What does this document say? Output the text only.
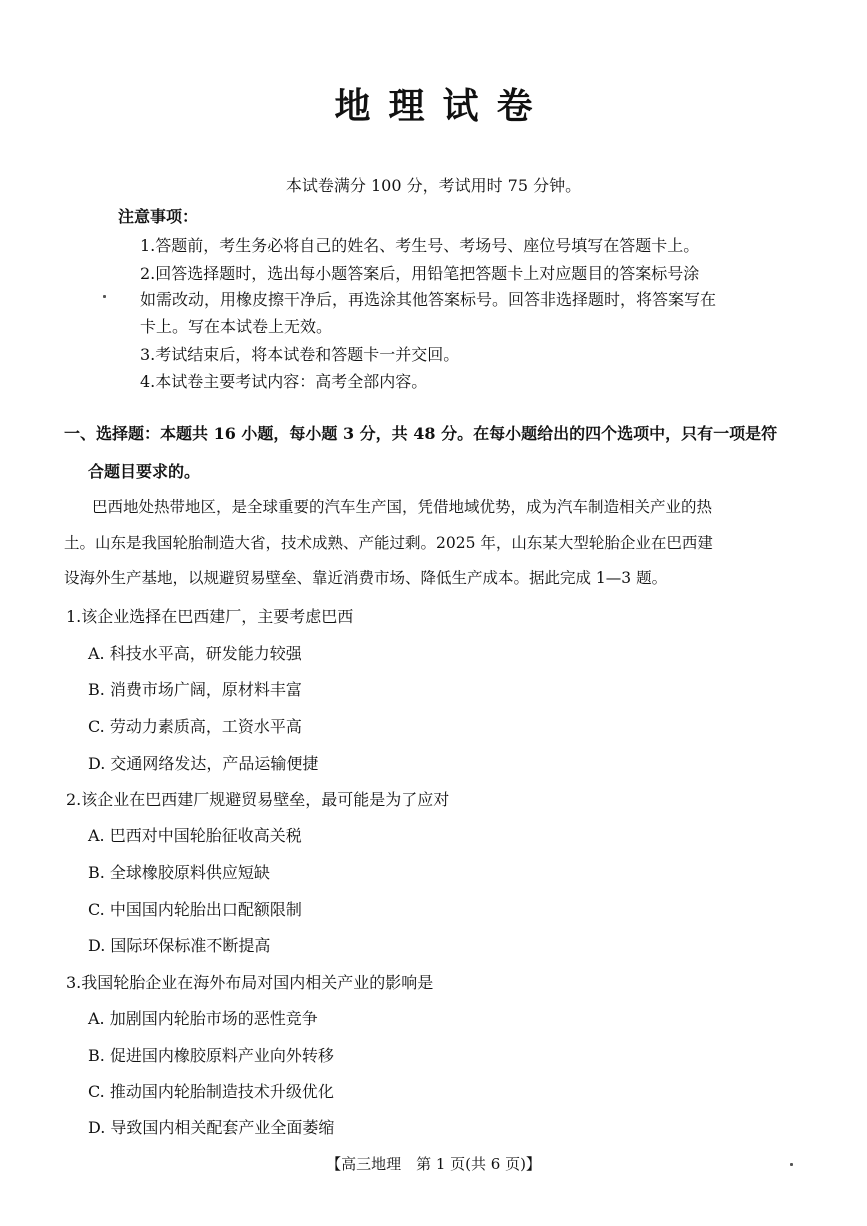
地理试卷
本试卷满分 100 分，考试用时 75 分钟。
注意事项：
1.答题前，考生务必将自己的姓名、考生号、考场号、座位号填写在答题卡上。
2.回答选择题时，选出每小题答案后，用铅笔把答题卡上对应题目的答案标号涂
如需改动，用橡皮擦干净后，再选涂其他答案标号。回答非选择题时，将答案写在
卡上。写在本试卷上无效。
3.考试结束后，将本试卷和答题卡一并交回。
4.本试卷主要考试内容：高考全部内容。
一、选择题：本题共 16 小题，每小题 3 分，共 48 分。在每小题给出的四个选项中，只有一项是符
合题目要求的。
巴西地处热带地区，是全球重要的汽车生产国，凭借地域优势，成为汽车制造相关产业的热
土。山东是我国轮胎制造大省，技术成熟、产能过剩。2025 年，山东某大型轮胎企业在巴西建
设海外生产基地，以规避贸易壁垒、靠近消费市场、降低生产成本。据此完成 1—3 题。
1.该企业选择在巴西建厂，主要考虑巴西
A. 科技水平高，研发能力较强
B. 消费市场广阔，原材料丰富
C. 劳动力素质高，工资水平高
D. 交通网络发达，产品运输便捷
2.该企业在巴西建厂规避贸易壁垒，最可能是为了应对
A. 巴西对中国轮胎征收高关税
B. 全球橡胶原料供应短缺
C. 中国国内轮胎出口配额限制
D. 国际环保标准不断提高
3.我国轮胎企业在海外布局对国内相关产业的影响是
A. 加剧国内轮胎市场的恶性竞争
B. 促进国内橡胶原料产业向外转移
C. 推动国内轮胎制造技术升级优化
D. 导致国内相关配套产业全面萎缩
【高三地理　第 1 页(共 6 页)】
